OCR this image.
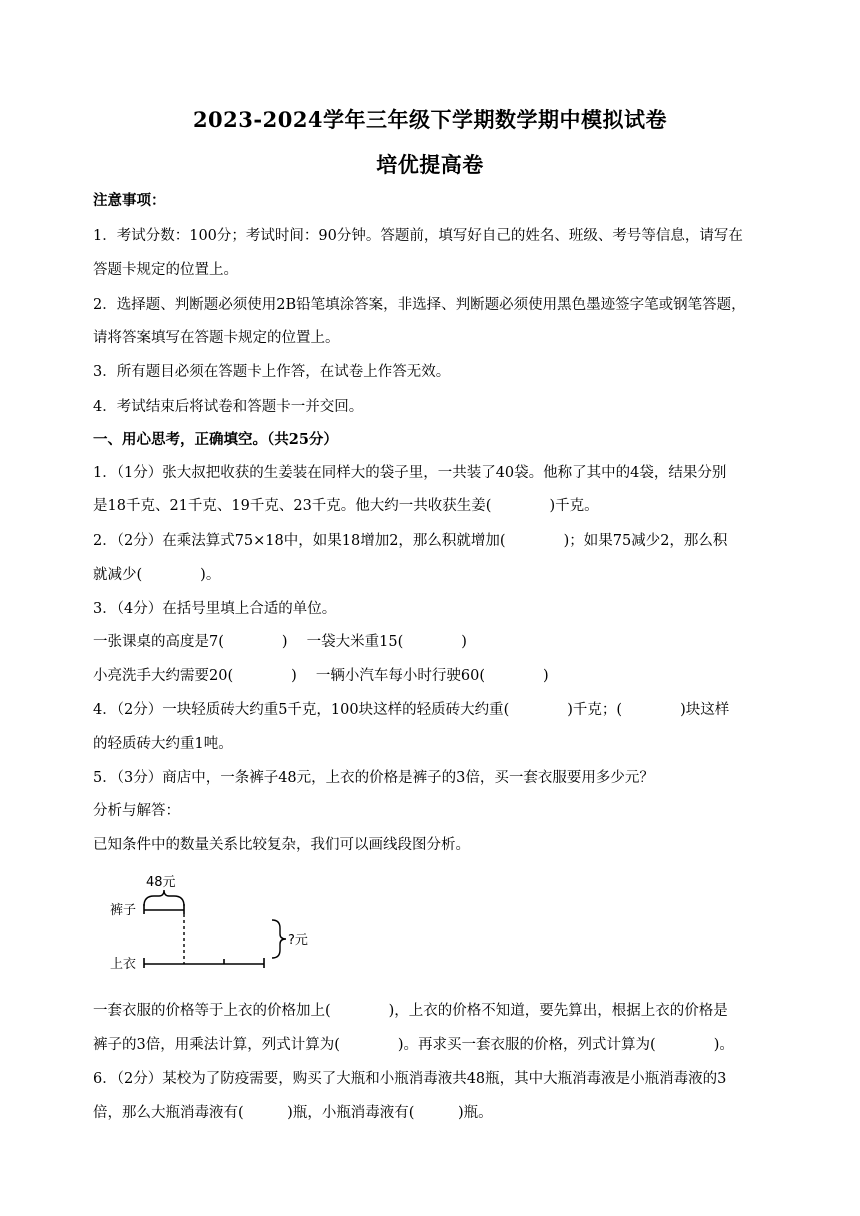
2023-2024学年三年级下学期数学期中模拟试卷
培优提高卷
注意事项：
1．考试分数：100分；考试时间：90分钟。答题前，填写好自己的姓名、班级、考号等信息，请写在
答题卡规定的位置上。
2．选择题、判断题必须使用2B铅笔填涂答案，非选择、判断题必须使用黑色墨迹签字笔或钢笔答题，
请将答案填写在答题卡规定的位置上。
3．所有题目必须在答题卡上作答，在试卷上作答无效。
4．考试结束后将试卷和答题卡一并交回。
一、用心思考，正确填空。（共25分）
1．（1分）张大叔把收获的生姜装在同样大的袋子里，一共装了40袋。他称了其中的4袋，结果分别
是18千克、21千克、19千克、23千克。他大约一共收获生姜(　　　　)千克。
2．（2分）在乘法算式75×18中，如果18增加2，那么积就增加(　　　　)；如果75减少2，那么积
就减少(　　　　)。
3．（4分）在括号里填上合适的单位。
一张课桌的高度是7(　　　　)　 一袋大米重15(　　　　)
小亮洗手大约需要20(　　　　)　 一辆小汽车每小时行驶60(　　　　)
4．（2分）一块轻质砖大约重5千克，100块这样的轻质砖大约重(　　　　)千克；(　　　　)块这样
的轻质砖大约重1吨。
5．（3分）商店中，一条裤子48元，上衣的价格是裤子的3倍，买一套衣服要用多少元？
分析与解答：
已知条件中的数量关系比较复杂，我们可以画线段图分析。
48元
裤子
上衣
?元
一套衣服的价格等于上衣的价格加上(　　　　)，上衣的价格不知道，要先算出，根据上衣的价格是
裤子的3倍，用乘法计算，列式计算为(　　　　)。再求买一套衣服的价格，列式计算为(　　　　)。
6．（2分）某校为了防疫需要，购买了大瓶和小瓶消毒液共48瓶，其中大瓶消毒液是小瓶消毒液的3
倍，那么大瓶消毒液有(　　　)瓶，小瓶消毒液有(　　　)瓶。
